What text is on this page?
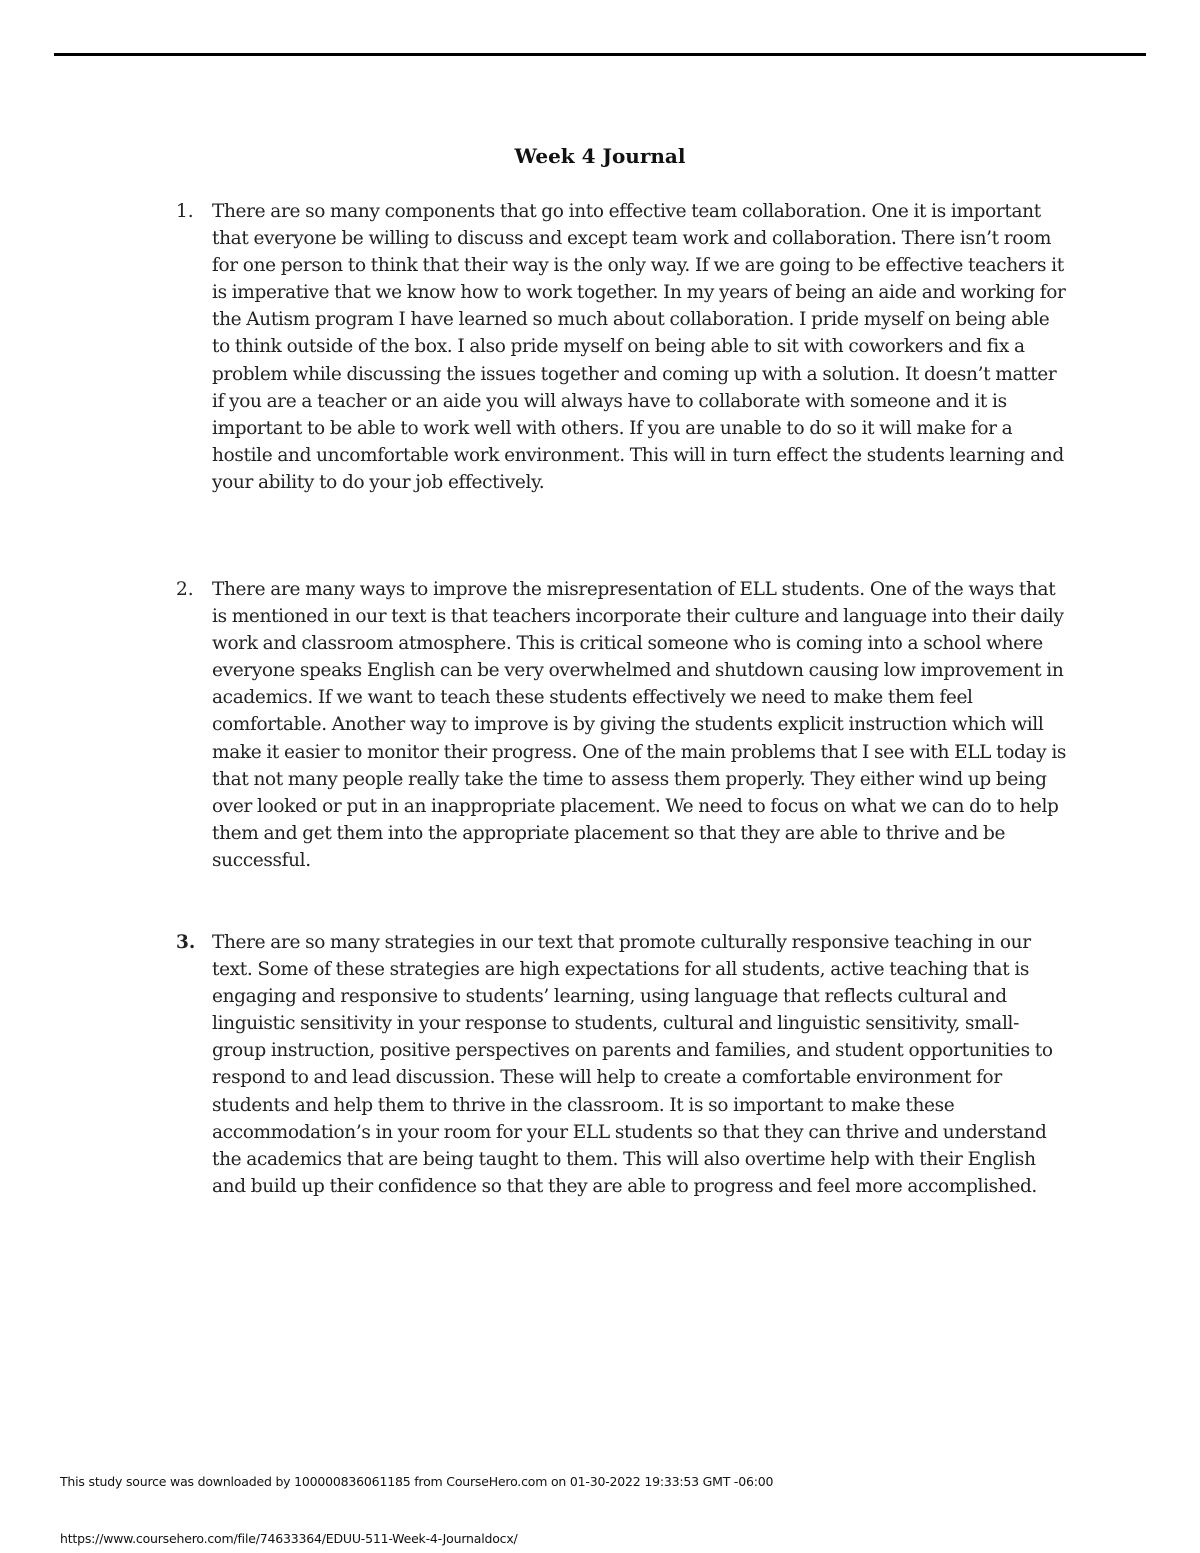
Week 4 Journal
1. There are so many components that go into effective team collaboration. One it is important that everyone be willing to discuss and except team work and collaboration. There isn’t room for one person to think that their way is the only way. If we are going to be effective teachers it is imperative that we know how to work together. In my years of being an aide and working for the Autism program I have learned so much about collaboration. I pride myself on being able to think outside of the box. I also pride myself on being able to sit with coworkers and fix a problem while discussing the issues together and coming up with a solution. It doesn’t matter if you are a teacher or an aide you will always have to collaborate with someone and it is important to be able to work well with others. If you are unable to do so it will make for a hostile and uncomfortable work environment. This will in turn effect the students learning and your ability to do your job effectively.
2. There are many ways to improve the misrepresentation of ELL students. One of the ways that is mentioned in our text is that teachers incorporate their culture and language into their daily work and classroom atmosphere. This is critical someone who is coming into a school where everyone speaks English can be very overwhelmed and shutdown causing low improvement in academics. If we want to teach these students effectively we need to make them feel comfortable. Another way to improve is by giving the students explicit instruction which will make it easier to monitor their progress. One of the main problems that I see with ELL today is that not many people really take the time to assess them properly. They either wind up being over looked or put in an inappropriate placement. We need to focus on what we can do to help them and get them into the appropriate placement so that they are able to thrive and be successful.
3. There are so many strategies in our text that promote culturally responsive teaching in our text. Some of these strategies are high expectations for all students, active teaching that is engaging and responsive to students’ learning, using language that reflects cultural and linguistic sensitivity in your response to students, cultural and linguistic sensitivity, small-group instruction, positive perspectives on parents and families, and student opportunities to respond to and lead discussion. These will help to create a comfortable environment for students and help them to thrive in the classroom. It is so important to make these accommodation’s in your room for your ELL students so that they can thrive and understand the academics that are being taught to them. This will also overtime help with their English and build up their confidence so that they are able to progress and feel more accomplished.
This study source was downloaded by 100000836061185 from CourseHero.com on 01-30-2022 19:33:53 GMT -06:00
https://www.coursehero.com/file/74633364/EDUU-511-Week-4-Journaldocx/
